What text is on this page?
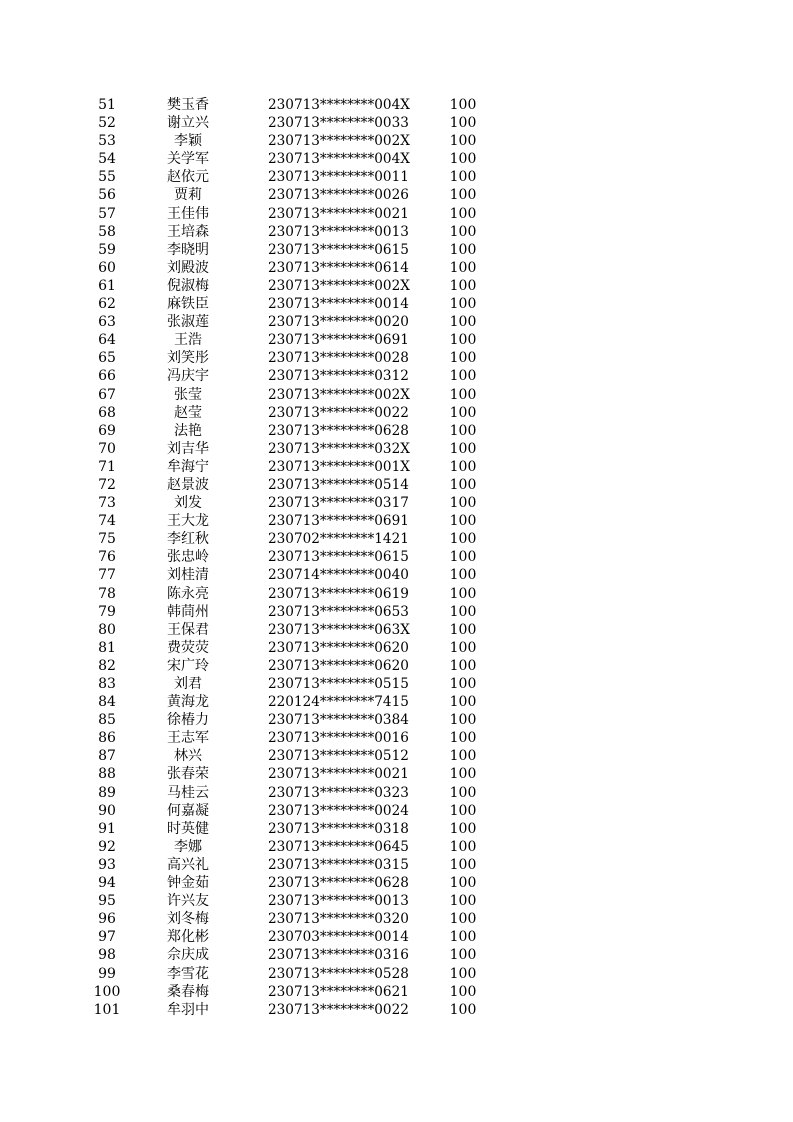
51	樊玉香	230713********004X	100
52	谢立兴	230713********0033	100
53	李颖	230713********002X	100
54	关学军	230713********004X	100
55	赵依元	230713********0011	100
56	贾莉	230713********0026	100
57	王佳伟	230713********0021	100
58	王培森	230713********0013	100
59	李晓明	230713********0615	100
60	刘殿波	230713********0614	100
61	倪淑梅	230713********002X	100
62	麻铁臣	230713********0014	100
63	张淑莲	230713********0020	100
64	王浩	230713********0691	100
65	刘笑彤	230713********0028	100
66	冯庆宇	230713********0312	100
67	张莹	230713********002X	100
68	赵莹	230713********0022	100
69	法艳	230713********0628	100
70	刘吉华	230713********032X	100
71	牟海宁	230713********001X	100
72	赵景波	230713********0514	100
73	刘发	230713********0317	100
74	王大龙	230713********0691	100
75	李红秋	230702********1421	100
76	张忠岭	230713********0615	100
77	刘桂清	230714********0040	100
78	陈永亮	230713********0619	100
79	韩茼州	230713********0653	100
80	王保君	230713********063X	100
81	费荧荧	230713********0620	100
82	宋广玲	230713********0620	100
83	刘君	230713********0515	100
84	黄海龙	220124********7415	100
85	徐椿力	230713********0384	100
86	王志军	230713********0016	100
87	林兴	230713********0512	100
88	张春荣	230713********0021	100
89	马桂云	230713********0323	100
90	何嘉凝	230713********0024	100
91	时英健	230713********0318	100
92	李娜	230713********0645	100
93	高兴礼	230713********0315	100
94	钟金茹	230713********0628	100
95	许兴友	230713********0013	100
96	刘冬梅	230713********0320	100
97	郑化彬	230703********0014	100
98	佘庆成	230713********0316	100
99	李雪花	230713********0528	100
100	桑春梅	230713********0621	100
101	牟羽中	230713********0022	100
